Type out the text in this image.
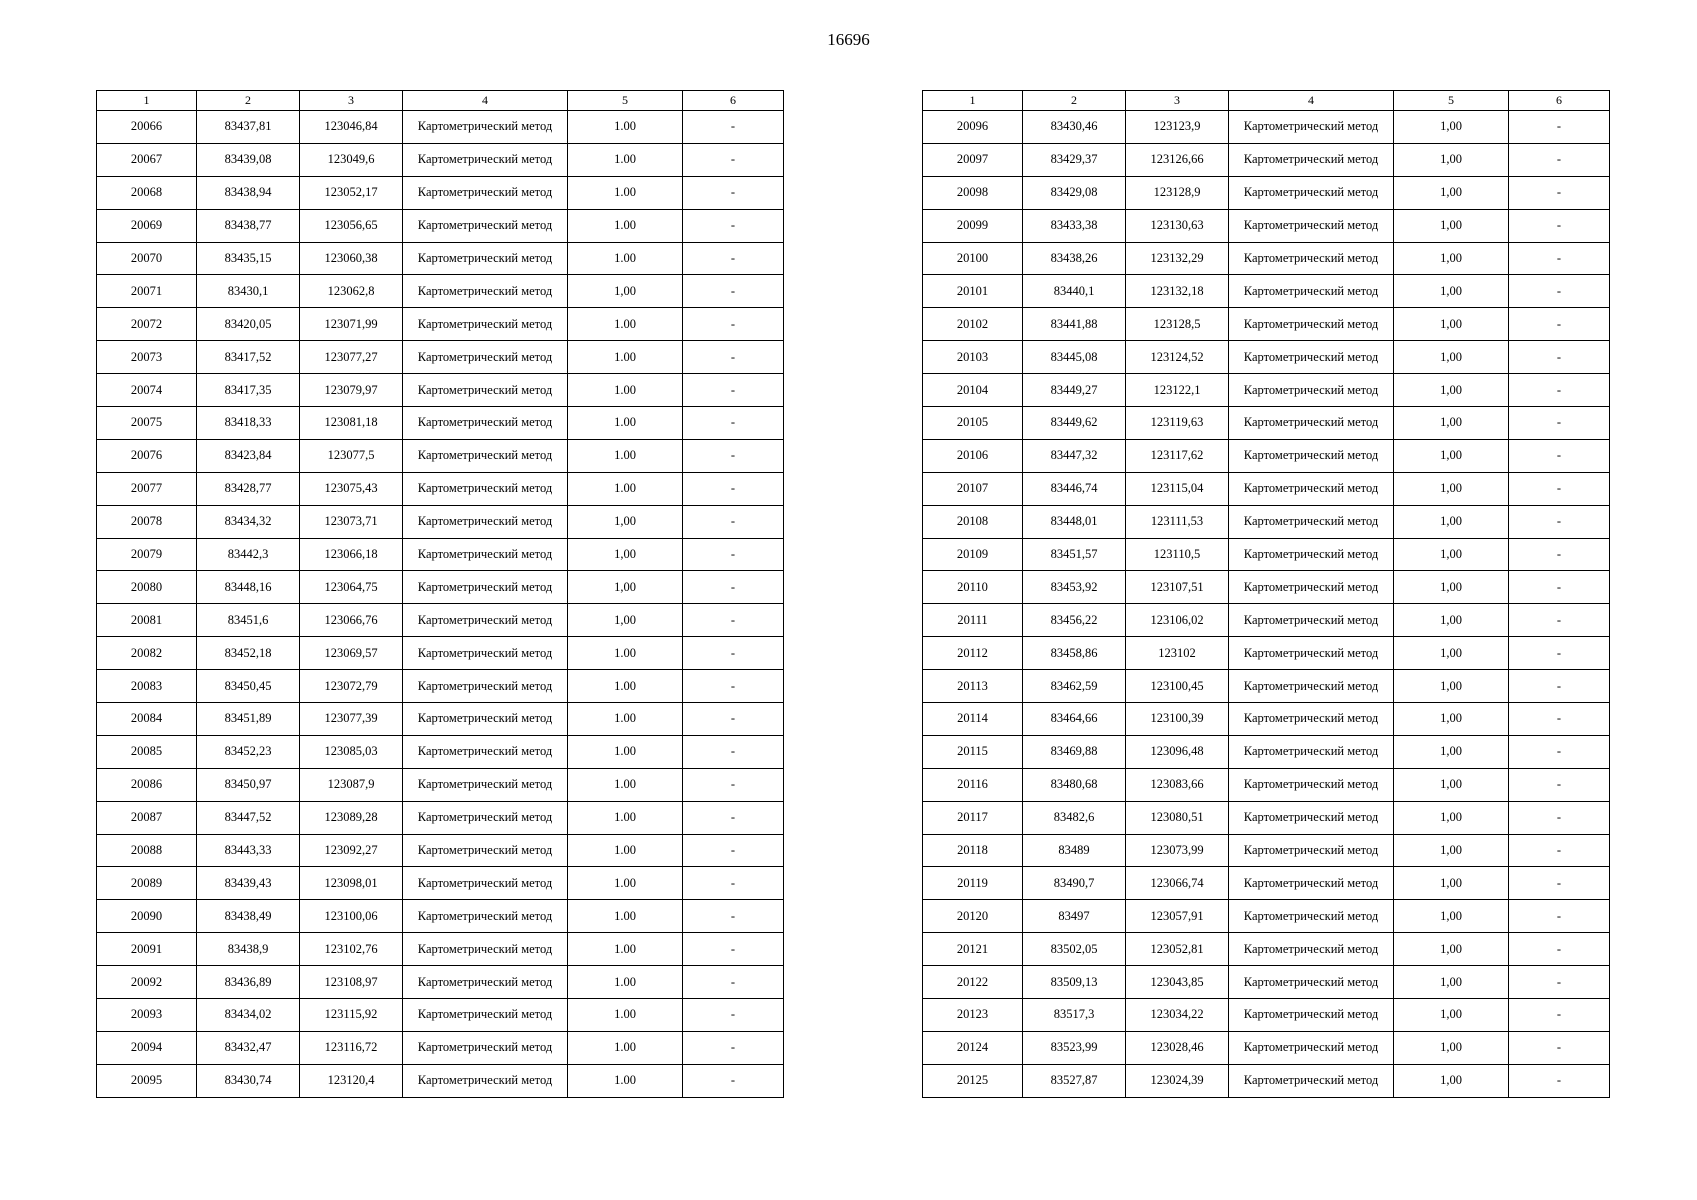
16696
1	2	3	4	5	6
20066	83437,81	123046,84	Картометрический метод	1.00	-
20067	83439,08	123049,6	Картометрический метод	1.00	-
20068	83438,94	123052,17	Картометрический метод	1.00	-
20069	83438,77	123056,65	Картометрический метод	1.00	-
20070	83435,15	123060,38	Картометрический метод	1.00	-
20071	83430,1	123062,8	Картометрический метод	1,00	-
20072	83420,05	123071,99	Картометрический метод	1.00	-
20073	83417,52	123077,27	Картометрический метод	1.00	-
20074	83417,35	123079,97	Картометрический метод	1.00	-
20075	83418,33	123081,18	Картометрический метод	1.00	-
20076	83423,84	123077,5	Картометрический метод	1.00	-
20077	83428,77	123075,43	Картометрический метод	1.00	-
20078	83434,32	123073,71	Картометрический метод	1,00	-
20079	83442,3	123066,18	Картометрический метод	1,00	-
20080	83448,16	123064,75	Картометрический метод	1,00	-
20081	83451,6	123066,76	Картометрический метод	1,00	-
20082	83452,18	123069,57	Картометрический метод	1.00	-
20083	83450,45	123072,79	Картометрический метод	1.00	-
20084	83451,89	123077,39	Картометрический метод	1.00	-
20085	83452,23	123085,03	Картометрический метод	1.00	-
20086	83450,97	123087,9	Картометрический метод	1.00	-
20087	83447,52	123089,28	Картометрический метод	1.00	-
20088	83443,33	123092,27	Картометрический метод	1.00	-
20089	83439,43	123098,01	Картометрический метод	1.00	-
20090	83438,49	123100,06	Картометрический метод	1.00	-
20091	83438,9	123102,76	Картометрический метод	1.00	-
20092	83436,89	123108,97	Картометрический метод	1.00	-
20093	83434,02	123115,92	Картометрический метод	1.00	-
20094	83432,47	123116,72	Картометрический метод	1.00	-
20095	83430,74	123120,4	Картометрический метод	1.00	-
1	2	3	4	5	6
20096	83430,46	123123,9	Картометрический метод	1,00	-
20097	83429,37	123126,66	Картометрический метод	1,00	-
20098	83429,08	123128,9	Картометрический метод	1,00	-
20099	83433,38	123130,63	Картометрический метод	1,00	-
20100	83438,26	123132,29	Картометрический метод	1,00	-
20101	83440,1	123132,18	Картометрический метод	1,00	-
20102	83441,88	123128,5	Картометрический метод	1,00	-
20103	83445,08	123124,52	Картометрический метод	1,00	-
20104	83449,27	123122,1	Картометрический метод	1,00	-
20105	83449,62	123119,63	Картометрический метод	1,00	-
20106	83447,32	123117,62	Картометрический метод	1,00	-
20107	83446,74	123115,04	Картометрический метод	1,00	-
20108	83448,01	123111,53	Картометрический метод	1,00	-
20109	83451,57	123110,5	Картометрический метод	1,00	-
20110	83453,92	123107,51	Картометрический метод	1,00	-
20111	83456,22	123106,02	Картометрический метод	1,00	-
20112	83458,86	123102	Картометрический метод	1,00	-
20113	83462,59	123100,45	Картометрический метод	1,00	-
20114	83464,66	123100,39	Картометрический метод	1,00	-
20115	83469,88	123096,48	Картометрический метод	1,00	-
20116	83480,68	123083,66	Картометрический метод	1,00	-
20117	83482,6	123080,51	Картометрический метод	1,00	-
20118	83489	123073,99	Картометрический метод	1,00	-
20119	83490,7	123066,74	Картометрический метод	1,00	-
20120	83497	123057,91	Картометрический метод	1,00	-
20121	83502,05	123052,81	Картометрический метод	1,00	-
20122	83509,13	123043,85	Картометрический метод	1,00	-
20123	83517,3	123034,22	Картометрический метод	1,00	-
20124	83523,99	123028,46	Картометрический метод	1,00	-
20125	83527,87	123024,39	Картометрический метод	1,00	-
